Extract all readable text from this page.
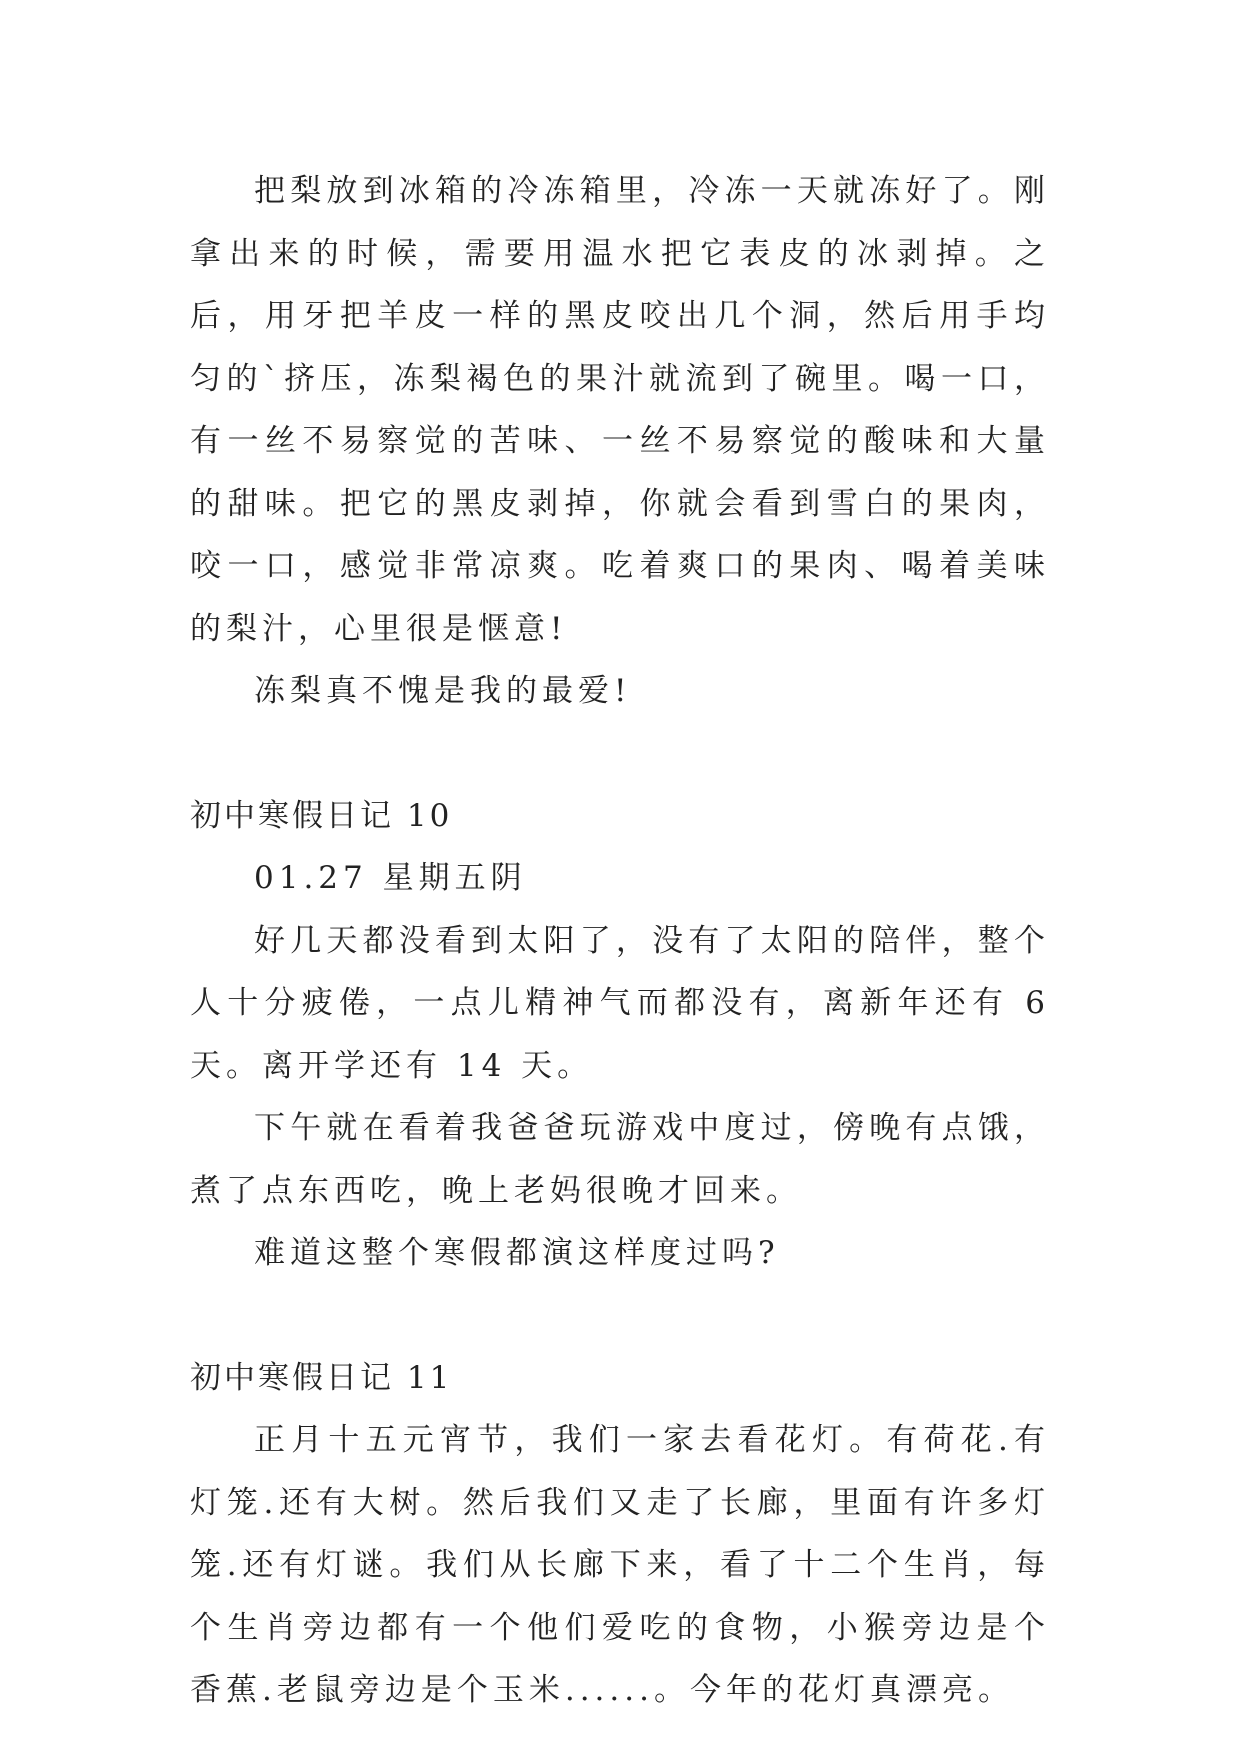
把梨放到冰箱的冷冻箱里，冷冻一天就冻好了。刚拿出来的时候，需要用温水把它表皮的冰剥掉。之后，用牙把羊皮一样的黑皮咬出几个洞，然后用手均匀的`挤压，冻梨褐色的果汁就流到了碗里。喝一口，有一丝不易察觉的苦味、一丝不易察觉的酸味和大量的甜味。把它的黑皮剥掉，你就会看到雪白的果肉，咬一口，感觉非常凉爽。吃着爽口的果肉、喝着美味的梨汁，心里很是惬意!

冻梨真不愧是我的最爱!

初中寒假日记 10

01.27 星期五阴

好几天都没看到太阳了，没有了太阳的陪伴，整个人十分疲倦，一点儿精神气而都没有，离新年还有 6 天。离开学还有 14 天。

下午就在看着我爸爸玩游戏中度过，傍晚有点饿，煮了点东西吃，晚上老妈很晚才回来。

难道这整个寒假都演这样度过吗?

初中寒假日记 11

正月十五元宵节，我们一家去看花灯。有荷花.有灯笼.还有大树。然后我们又走了长廊，里面有许多灯笼.还有灯谜。我们从长廊下来，看了十二个生肖，每个生肖旁边都有一个他们爱吃的食物，小猴旁边是个香蕉.老鼠旁边是个玉米......。今年的花灯真漂亮。
